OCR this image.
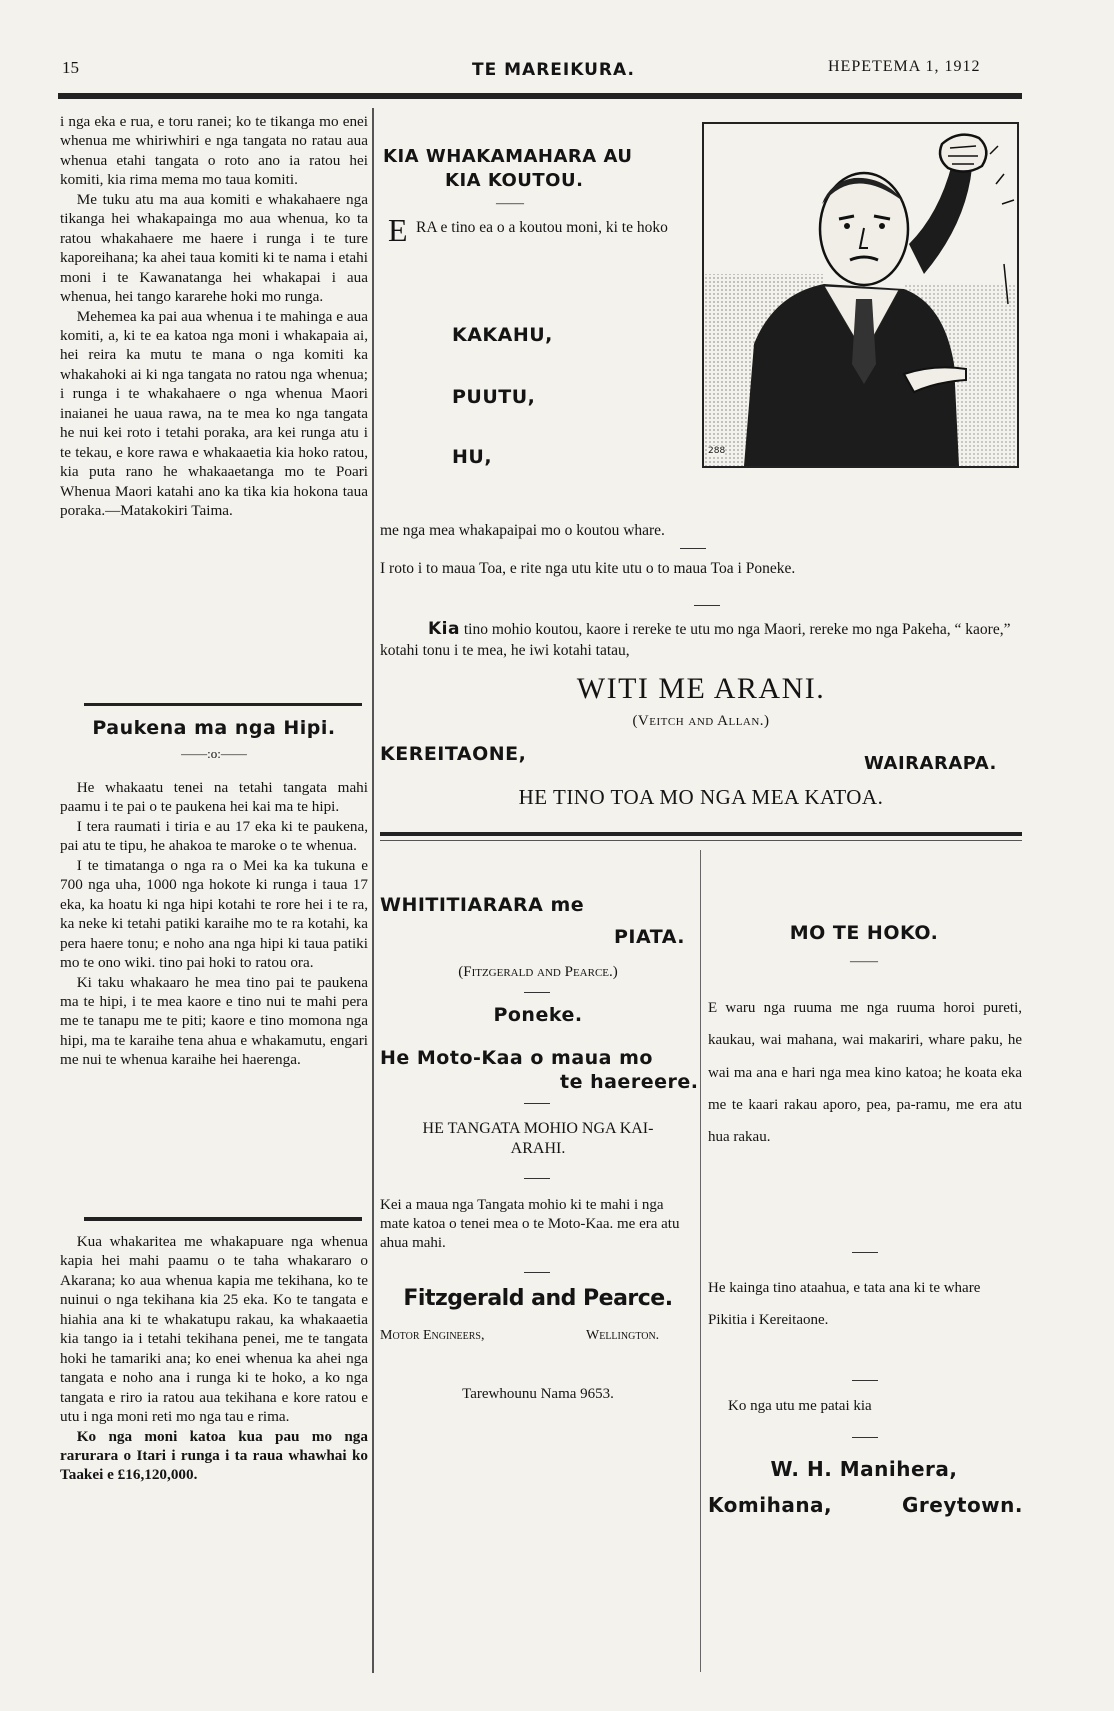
15	TE MAREIKURA.	HEPETEMA 1, 1912

i nga eka e rua, e toru ranei; ko te tikanga mo enei whenua me whiriwhiri e nga tangata no ratau aua whenua etahi tangata o roto ano ia ratou hei komiti, kia rima mema mo taua komiti.

Me tuku atu ma aua komiti e whakahaere nga tikanga hei whakapainga mo aua whenua, ko ta ratou whakahaere me haere i runga i te ture kaporeihana; ka ahei taua komiti ki te nama i etahi moni i te Kawanatanga hei whakapai i aua whenua, hei tango kararehe hoki mo runga.

Mehemea ka pai aua whenua i te mahinga e aua komiti, a, ki te ea katoa nga moni i whakapaia ai, hei reira ka mutu te mana o nga komiti ka whakahoki ai ki nga tangata no ratou nga whenua; i runga i te whakahaere o nga whenua Maori inaianei he uaua rawa, na te mea ko nga tangata he nui kei roto i tetahi poraka, ara kei runga atu i te tekau, e kore rawa e whakaaetia kia hoko ratou, kia puta rano he whakaaetanga mo te Poari Whenua Maori katahi ano ka tika kia hokona taua poraka.—Matakokiri Taima.

Paukena ma nga Hipi.
——:o:——

He whakaatu tenei na tetahi tangata mahi paamu i te pai o te paukena hei kai ma te hipi.

I tera raumati i tiria e au 17 eka ki te paukena, pai atu te tipu, he ahakoa te maroke o te whenua.

I te timatanga o nga ra o Mei ka ka tukuna e 700 nga uha, 1000 nga hokote ki runga i taua 17 eka, ka hoatu ki nga hipi kotahi te rore hei i te ra, ka neke ki tetahi patiki karaihe mo te ra kotahi, ka pera haere tonu; e noho ana nga hipi ki taua patiki mo te ono wiki. tino pai hoki to ratou ora.

Ki taku whakaaro he mea tino pai te paukena ma te hipi, i te mea kaore e tino nui te mahi pera me te tanapu me te piti; kaore e tino momona nga hipi, ma te karaihe tena ahua e whakamutu, engari me nui te whenua karaihe hei haerenga.

Kua whakaritea me whakapuare nga whenua kapia hei mahi paamu o te taha whakararo o Akarana; ko aua whenua kapia me tekihana, ko te nuinui o nga tekihana kia 25 eka. Ko te tangata e hiahia ana ki te whakatupu rakau, ka whakaaetia kia tango ia i tetahi tekihana penei, me te tangata hoki he tamariki ana; ko enei whenua ka ahei nga tangata e noho ana i runga ki te hoko, a ko nga tangata e riro ia ratou aua tekihana e kore ratou e utu i nga moni reti mo nga tau e rima.

Ko nga moni katoa kua pau mo nga rarurara o Itari i runga i ta raua whawhai ko Taakei e £16,120,000.

KIA WHAKAMAHARA AU
KIA KOUTOU.
——
E RA e tino ea o a koutou moni, ki te hoko
KAKAHU,
PUUTU,
HU,	288
me nga mea whakapaipai mo o koutou whare.
I roto i to maua Toa, e rite nga utu kite utu o to maua Toa i Poneke.
Kia tino mohio koutou, kaore i rereke te utu mo nga Maori, rereke mo nga Pakeha, “ kaore,” kotahi tonu i te mea, he iwi kotahi tatau,
WITI ME ARANI.
(Veitch and Allan.)
KEREITAONE,	WAIRARAPA.
HE TINO TOA MO NGA MEA KATOA.
WHITITIARARA me
PIATA.
(Fitzgerald and Pearce.)
Poneke.
He Moto-Kaa o maua mo
te haereere.
HE TANGATA MOHIO NGA KAI-ARAHI.
Kei a maua nga Tangata mohio ki te mahi i nga mate katoa o tenei mea o te Moto-Kaa. me era atu ahua mahi.
Fitzgerald and Pearce.
Motor Engineers,	Wellington.
Tarewhounu Nama 9653.
MO TE HOKO.
——
E waru nga ruuma me nga ruuma horoi pureti, kaukau, wai mahana, wai makariri, whare paku, he wai ma ana e hari nga mea kino katoa; he koata eka me te kaari rakau aporo, pea, pa-ramu, me era atu hua rakau.
He kainga tino ataahua, e tata ana ki te whare Pikitia i Kereitaone.
Ko nga utu me patai kia
W. H. Manihera,
Komihana,	Greytown.
